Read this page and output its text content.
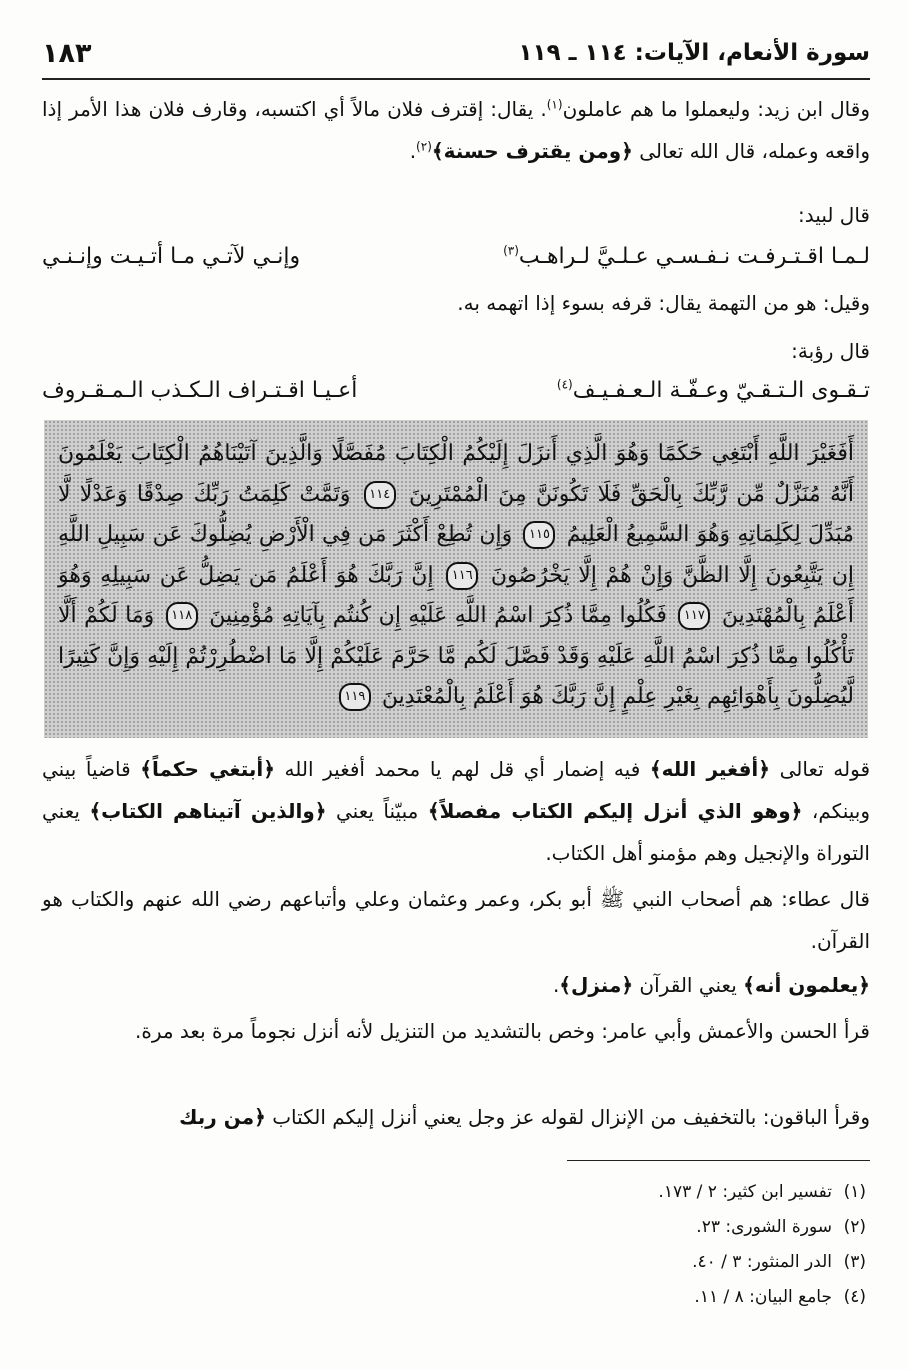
سورة الأنعام، الآيات: ١١٤ ـ ١١٩
١٨٣

وقال ابن زيد: وليعملوا ما هم عاملون$^{(١)}$. يقال: إقترف فلان مالاً أي اكتسبه، وقارف فلان هذا الأمر إذا واقعه وعمله، قال الله تعالى ﴿ومن يقترف حسنة﴾$^{(٢)}$.

قال لبيد:
وإنـي لآتـي مـا أتـيـت وإنـنـي	لـمـا اقـتـرفـت نـفـسـي عـلـيَّ لـراهـب$^{(٣)}$
وقيل: هو من التهمة يقال: قرفه بسوء إذا اتهمه به.
قال رؤبة:
أعـيـا اقـتـراف الـكـذب الـمـقـروف	تـقـوى الـتـقـيّ وعـفّـة الـعـفـيـف$^{(٤)}$
أَفَغَيْرَ اللَّهِ أَبْتَغِي حَكَمًا وَهُوَ الَّذِي أَنزَلَ إِلَيْكُمُ الْكِتَابَ مُفَصَّلًا وَالَّذِينَ آتَيْنَاهُمُ الْكِتَابَ يَعْلَمُونَ أَنَّهُ مُنَزَّلٌ مِّن رَّبِّكَ بِالْحَقِّ فَلَا تَكُونَنَّ مِنَ الْمُمْتَرِينَ ١١٤ وَتَمَّتْ كَلِمَتُ رَبِّكَ صِدْقًا وَعَدْلًا لَّا مُبَدِّلَ لِكَلِمَاتِهِ وَهُوَ السَّمِيعُ الْعَلِيمُ ١١٥ وَإِن تُطِعْ أَكْثَرَ مَن فِي الْأَرْضِ يُضِلُّوكَ عَن سَبِيلِ اللَّهِ إِن يَتَّبِعُونَ إِلَّا الظَّنَّ وَإِنْ هُمْ إِلَّا يَخْرُصُونَ ١١٦ إِنَّ رَبَّكَ هُوَ أَعْلَمُ مَن يَضِلُّ عَن سَبِيلِهِ وَهُوَ أَعْلَمُ بِالْمُهْتَدِينَ ١١٧ فَكُلُوا مِمَّا ذُكِرَ اسْمُ اللَّهِ عَلَيْهِ إِن كُنتُم بِآيَاتِهِ مُؤْمِنِينَ ١١٨ وَمَا لَكُمْ أَلَّا تَأْكُلُوا مِمَّا ذُكِرَ اسْمُ اللَّهِ عَلَيْهِ وَقَدْ فَصَّلَ لَكُم مَّا حَرَّمَ عَلَيْكُمْ إِلَّا مَا اضْطُرِرْتُمْ إِلَيْهِ وَإِنَّ كَثِيرًا لَّيُضِلُّونَ بِأَهْوَائِهِم بِغَيْرِ عِلْمٍ إِنَّ رَبَّكَ هُوَ أَعْلَمُ بِالْمُعْتَدِينَ ١١٩

قوله تعالى ﴿أفغير الله﴾ فيه إضمار أي قل لهم يا محمد أفغير الله ﴿أبتغي حكماً﴾ قاضياً بيني وبينكم، ﴿وهو الذي أنزل إليكم الكتاب مفصلاً﴾ مبيّناً يعني ﴿والذين آتيناهم الكتاب﴾ يعني التوراة والإنجيل وهم مؤمنو أهل الكتاب.

قال عطاء: هم أصحاب النبي ﷺ أبو بكر، وعمر وعثمان وعلي وأتباعهم رضي الله عنهم والكتاب هو القرآن.

﴿يعلمون أنه﴾ يعني القرآن ﴿منزل﴾.

قرأ الحسن والأعمش وأبي عامر: وخص بالتشديد من التنزيل لأنه أنزل نجوماً مرة بعد مرة.

وقرأ الباقون: بالتخفيف من الإنزال لقوله عز وجل يعني أنزل إليكم الكتاب ﴿من ربك

(١)تفسير ابن كثير: ٢ / ١٧٣.
(٢)سورة الشورى: ٢٣.
(٣)الدر المنثور: ٣ / ٤٠.
(٤)جامع البيان: ٨ / ١١.
